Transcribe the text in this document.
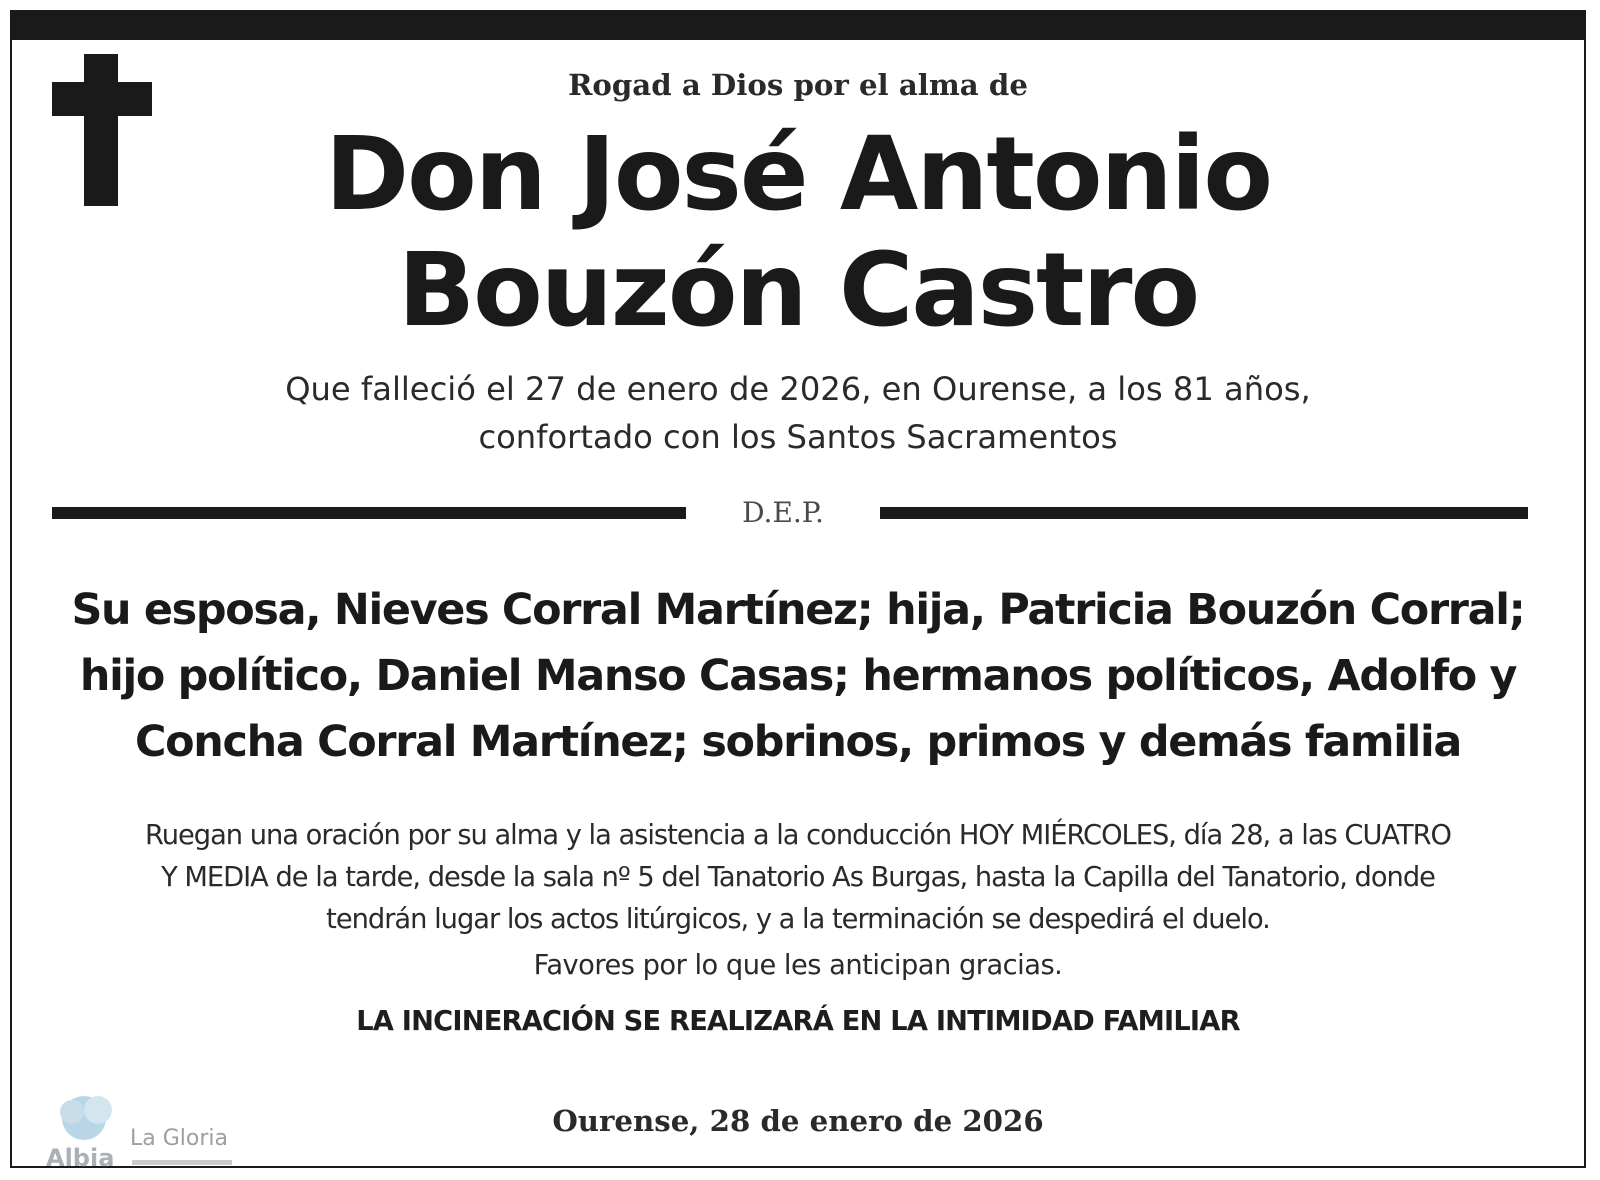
Rogad a Dios por el alma de
Don José Antonio
Bouzón Castro
Que falleció el 27 de enero de 2026, en Ourense, a los 81 años,
confortado con los Santos Sacramentos
D.E.P.
Su esposa, Nieves Corral Martínez; hija, Patricia Bouzón Corral;
hijo político, Daniel Manso Casas; hermanos políticos, Adolfo y
Concha Corral Martínez; sobrinos, primos y demás familia
Ruegan una oración por su alma y la asistencia a la conducción HOY MIÉRCOLES, día 28, a las CUATRO
Y MEDIA de la tarde, desde la sala nº 5 del Tanatorio As Burgas, hasta la Capilla del Tanatorio, donde
tendrán lugar los actos litúrgicos, y a la terminación se despedirá el duelo.
Favores por lo que les anticipan gracias.
LA INCINERACIÓN SE REALIZARÁ EN LA INTIMIDAD FAMILIAR
Ourense, 28 de enero de 2026
Albia
La Gloria
